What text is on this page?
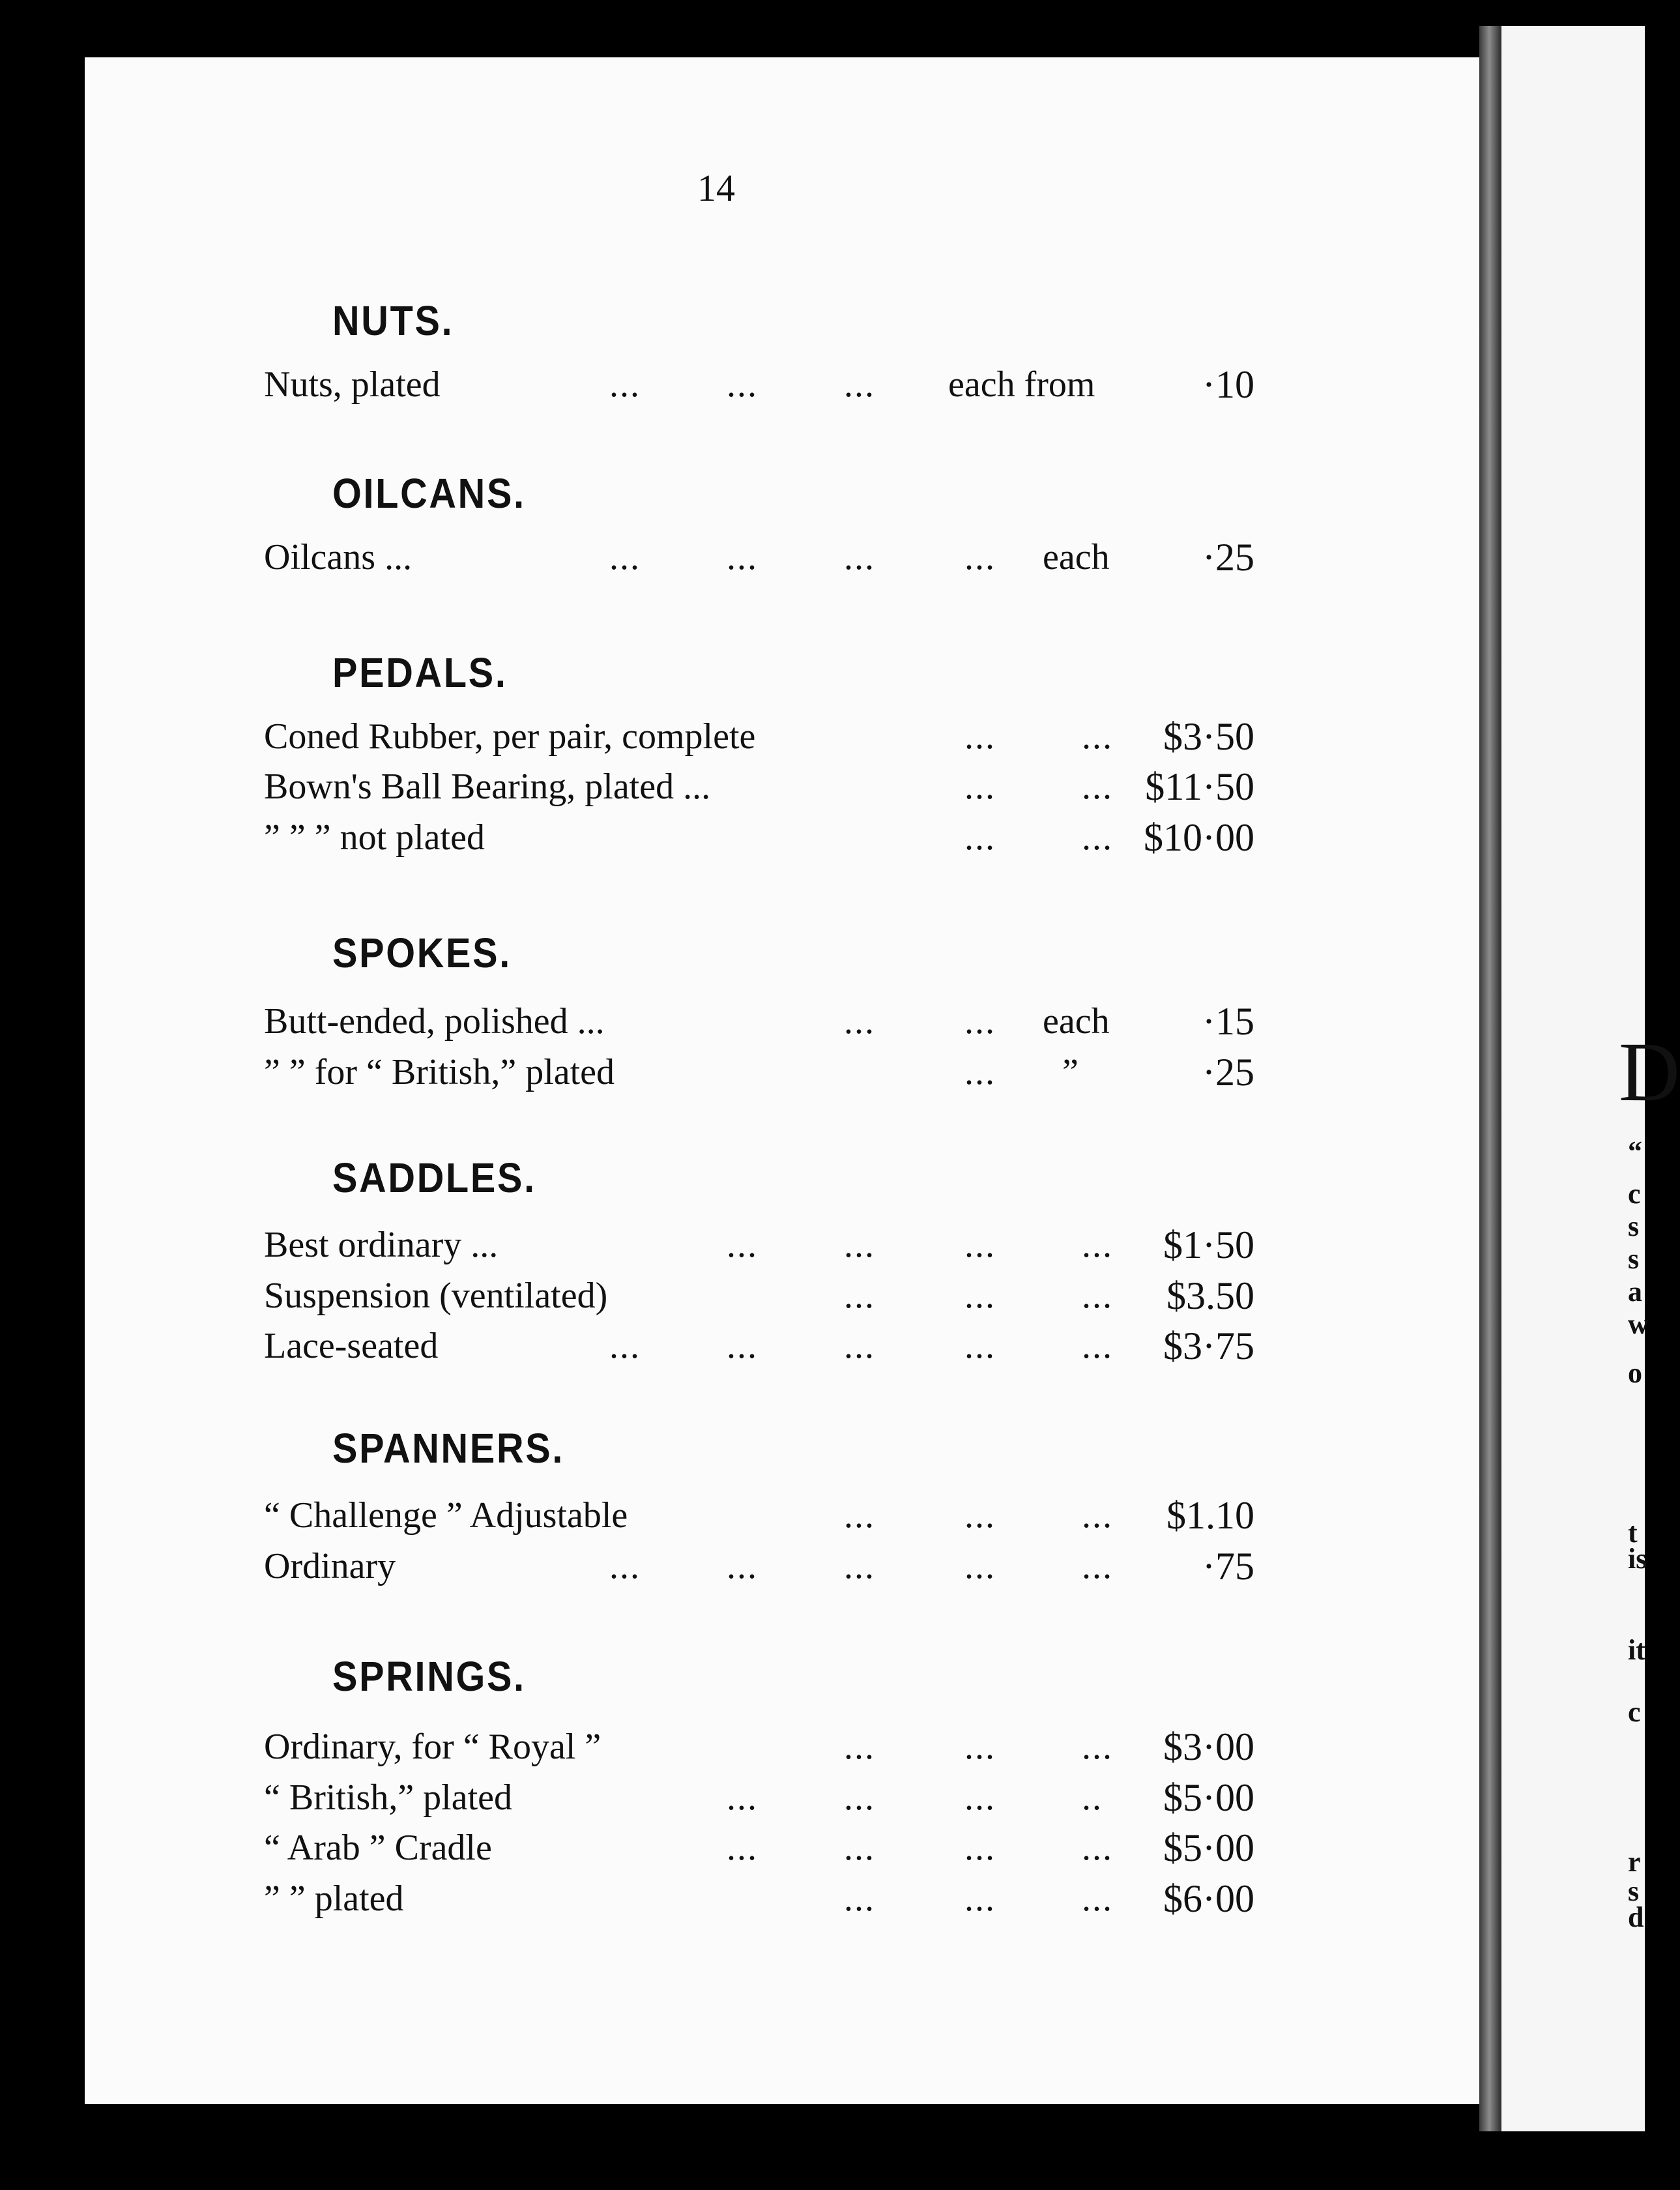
D
“
c
s
s
a
w
o
t
is
it
c
r
s
d
14
NUTS.
Nuts, plated	... ... ... each from	·10
OILCANS.
Oilcans ...	... ... ... ... each ·25
PEDALS.
Coned Rubber, per pair, complete	... ... $3·50
Bown's Ball Bearing, plated ...	... ... $11·50
” ” ” not plated	... ... $10·00
SPOKES.
Butt-ended, polished ...	... ... each ·15
” ” for “ British,” plated	... ”	·25
SADDLES.
Best ordinary ...	... ... ... ... $1·50
Suspension (ventilated)	... ... ... $3.50
Lace-seated	... ... ... ... ... $3·75
SPANNERS.
“ Challenge ” Adjustable	... ... ... $1.10
Ordinary	... ... ... ... ... ·75
SPRINGS.
Ordinary, for “ Royal ”	... ... ... $3·00
“ British,” plated	... ... ... .. $5·00
“ Arab ” Cradle	... ... ... ... $5·00
” ” plated	... ... ... $6·00
